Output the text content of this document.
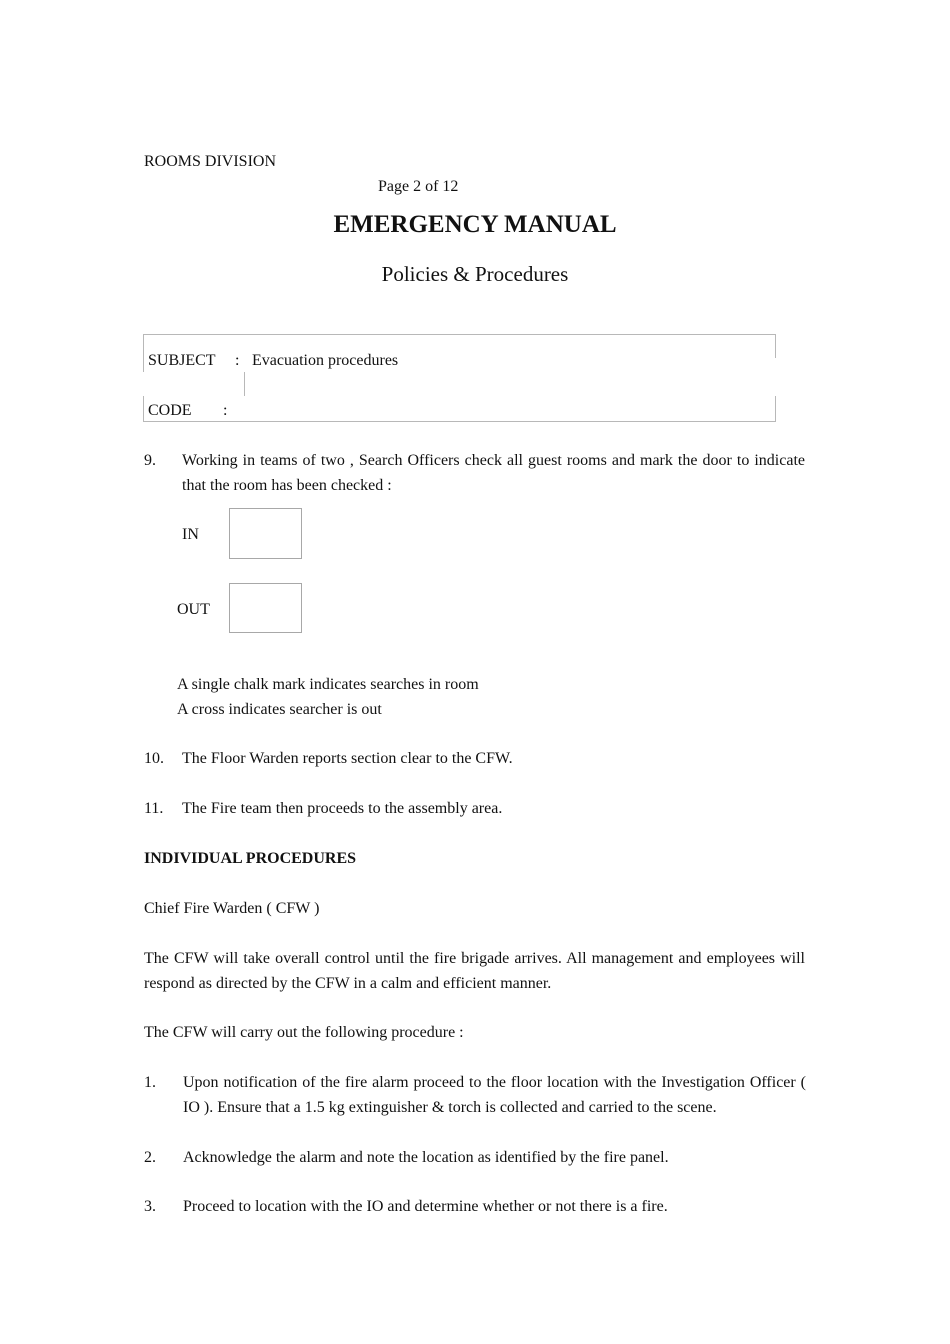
ROOMS DIVISION
Page 2 of 12
EMERGENCY MANUAL
Policies & Procedures
SUBJECT : Evacuation procedures
CODE :
9. Working in teams of two , Search Officers check all guest rooms and mark the door to indicate that the room has been checked :
IN
OUT
A single chalk mark indicates searches in room
A cross indicates searcher is out
10. The Floor Warden reports section clear to the CFW.
11. The Fire team then proceeds to the assembly area.
INDIVIDUAL PROCEDURES
Chief Fire Warden ( CFW )
The CFW will take overall control until the fire brigade arrives. All management and employees will respond as directed by the CFW in a calm and efficient manner.
The CFW will carry out the following procedure :
1. Upon notification of the fire alarm proceed to the floor location with the Investigation Officer ( IO ). Ensure that a 1.5 kg extinguisher & torch is collected and carried to the scene.
2. Acknowledge the alarm and note the location as identified by the fire panel.
3. Proceed to location with the IO and determine whether or not there is a fire.
